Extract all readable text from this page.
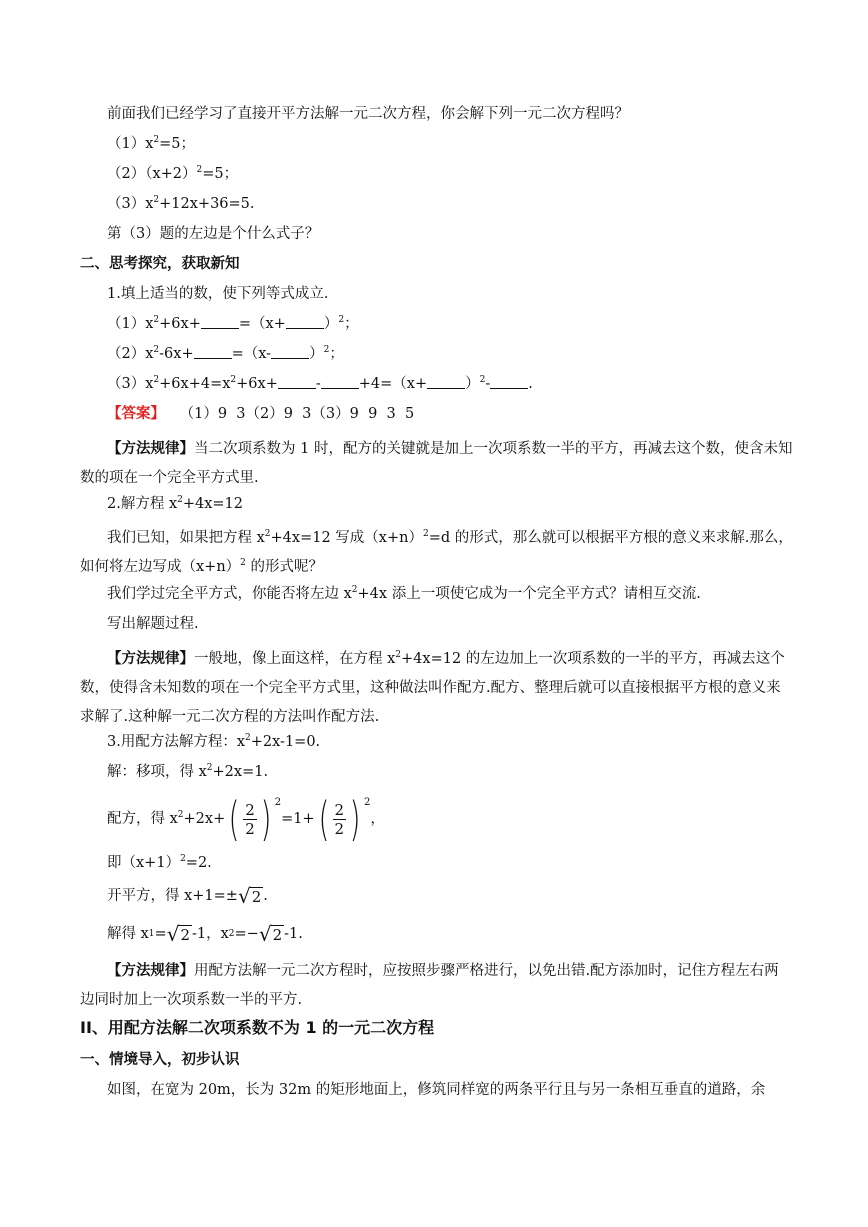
前面我们已经学习了直接开平方法解一元二次方程，你会解下列一元二次方程吗？
$(1)x^2=5$；
$(2)(x+2)^2=5$；
$(3)x^2+12x+36=5$.
第（3）题的左边是个什么式子？
二、思考探究，获取新知
1.填上适当的数，使下列等式成立.
$(1)x^2+6x+$	=（x+	）$^2$；
$(2)x^2-6x+$	=（x-	）$^2$；
$(3)x^2+6x+4=x^2+6x+$	-	+4=（x+	）$^2$-	.
【答案】 （1）9  3（2）9  3（3）9  9  3  5
【方法规律】当二次项系数为 1 时，配方的关键就是加上一次项系数一半的平方，再减去这个数，使含未知数的项在一个完全平方式里.
2.解方程 $x^2+4x=12$
我们已知，如果把方程 $x^2+4x=12$ 写成$(x+n)^2=d$ 的形式，那么就可以根据平方根的意义来求解.那么，如何将左边写成$(x+n)^2$ 的形式呢？
我们学过完全平方式，你能否将左边 $x^2+4x$ 添上一项使它成为一个完全平方式？请相互交流.
写出解题过程.
【方法规律】一般地，像上面这样，在方程 $x^2+4x=12$ 的左边加上一次项系数的一半的平方，再减去这个数，使得含未知数的项在一个完全平方式里，这种做法叫作配方.配方、整理后就可以直接根据平方根的意义来求解了.这种解一元二次方程的方法叫作配方法.
3.用配方法解方程：$x^2+2x-1=0$.
解：移项，得 $x^2+2x=1$.
配方，得 $x^2+2x+$ ( $\frac{2}{2}$ ) 2
=1+ ( $\frac{2}{2}$ ) 2
，
即$(x+1)^2=2$.
开平方，得 x+1=± √ 2 .
解得 x 1 = √ 2 -1，x 2 =− √ 2 -1.
【方法规律】用配方法解一元二次方程时，应按照步骤严格进行，以免出错.配方添加时，记住方程左右两边同时加上一次项系数一半的平方.
II、用配方法解二次项系数不为 1 的一元二次方程
一、情境导入，初步认识
如图，在宽为 20m，长为 32m 的矩形地面上，修筑同样宽的两条平行且与另一条相互垂直的道路，余
